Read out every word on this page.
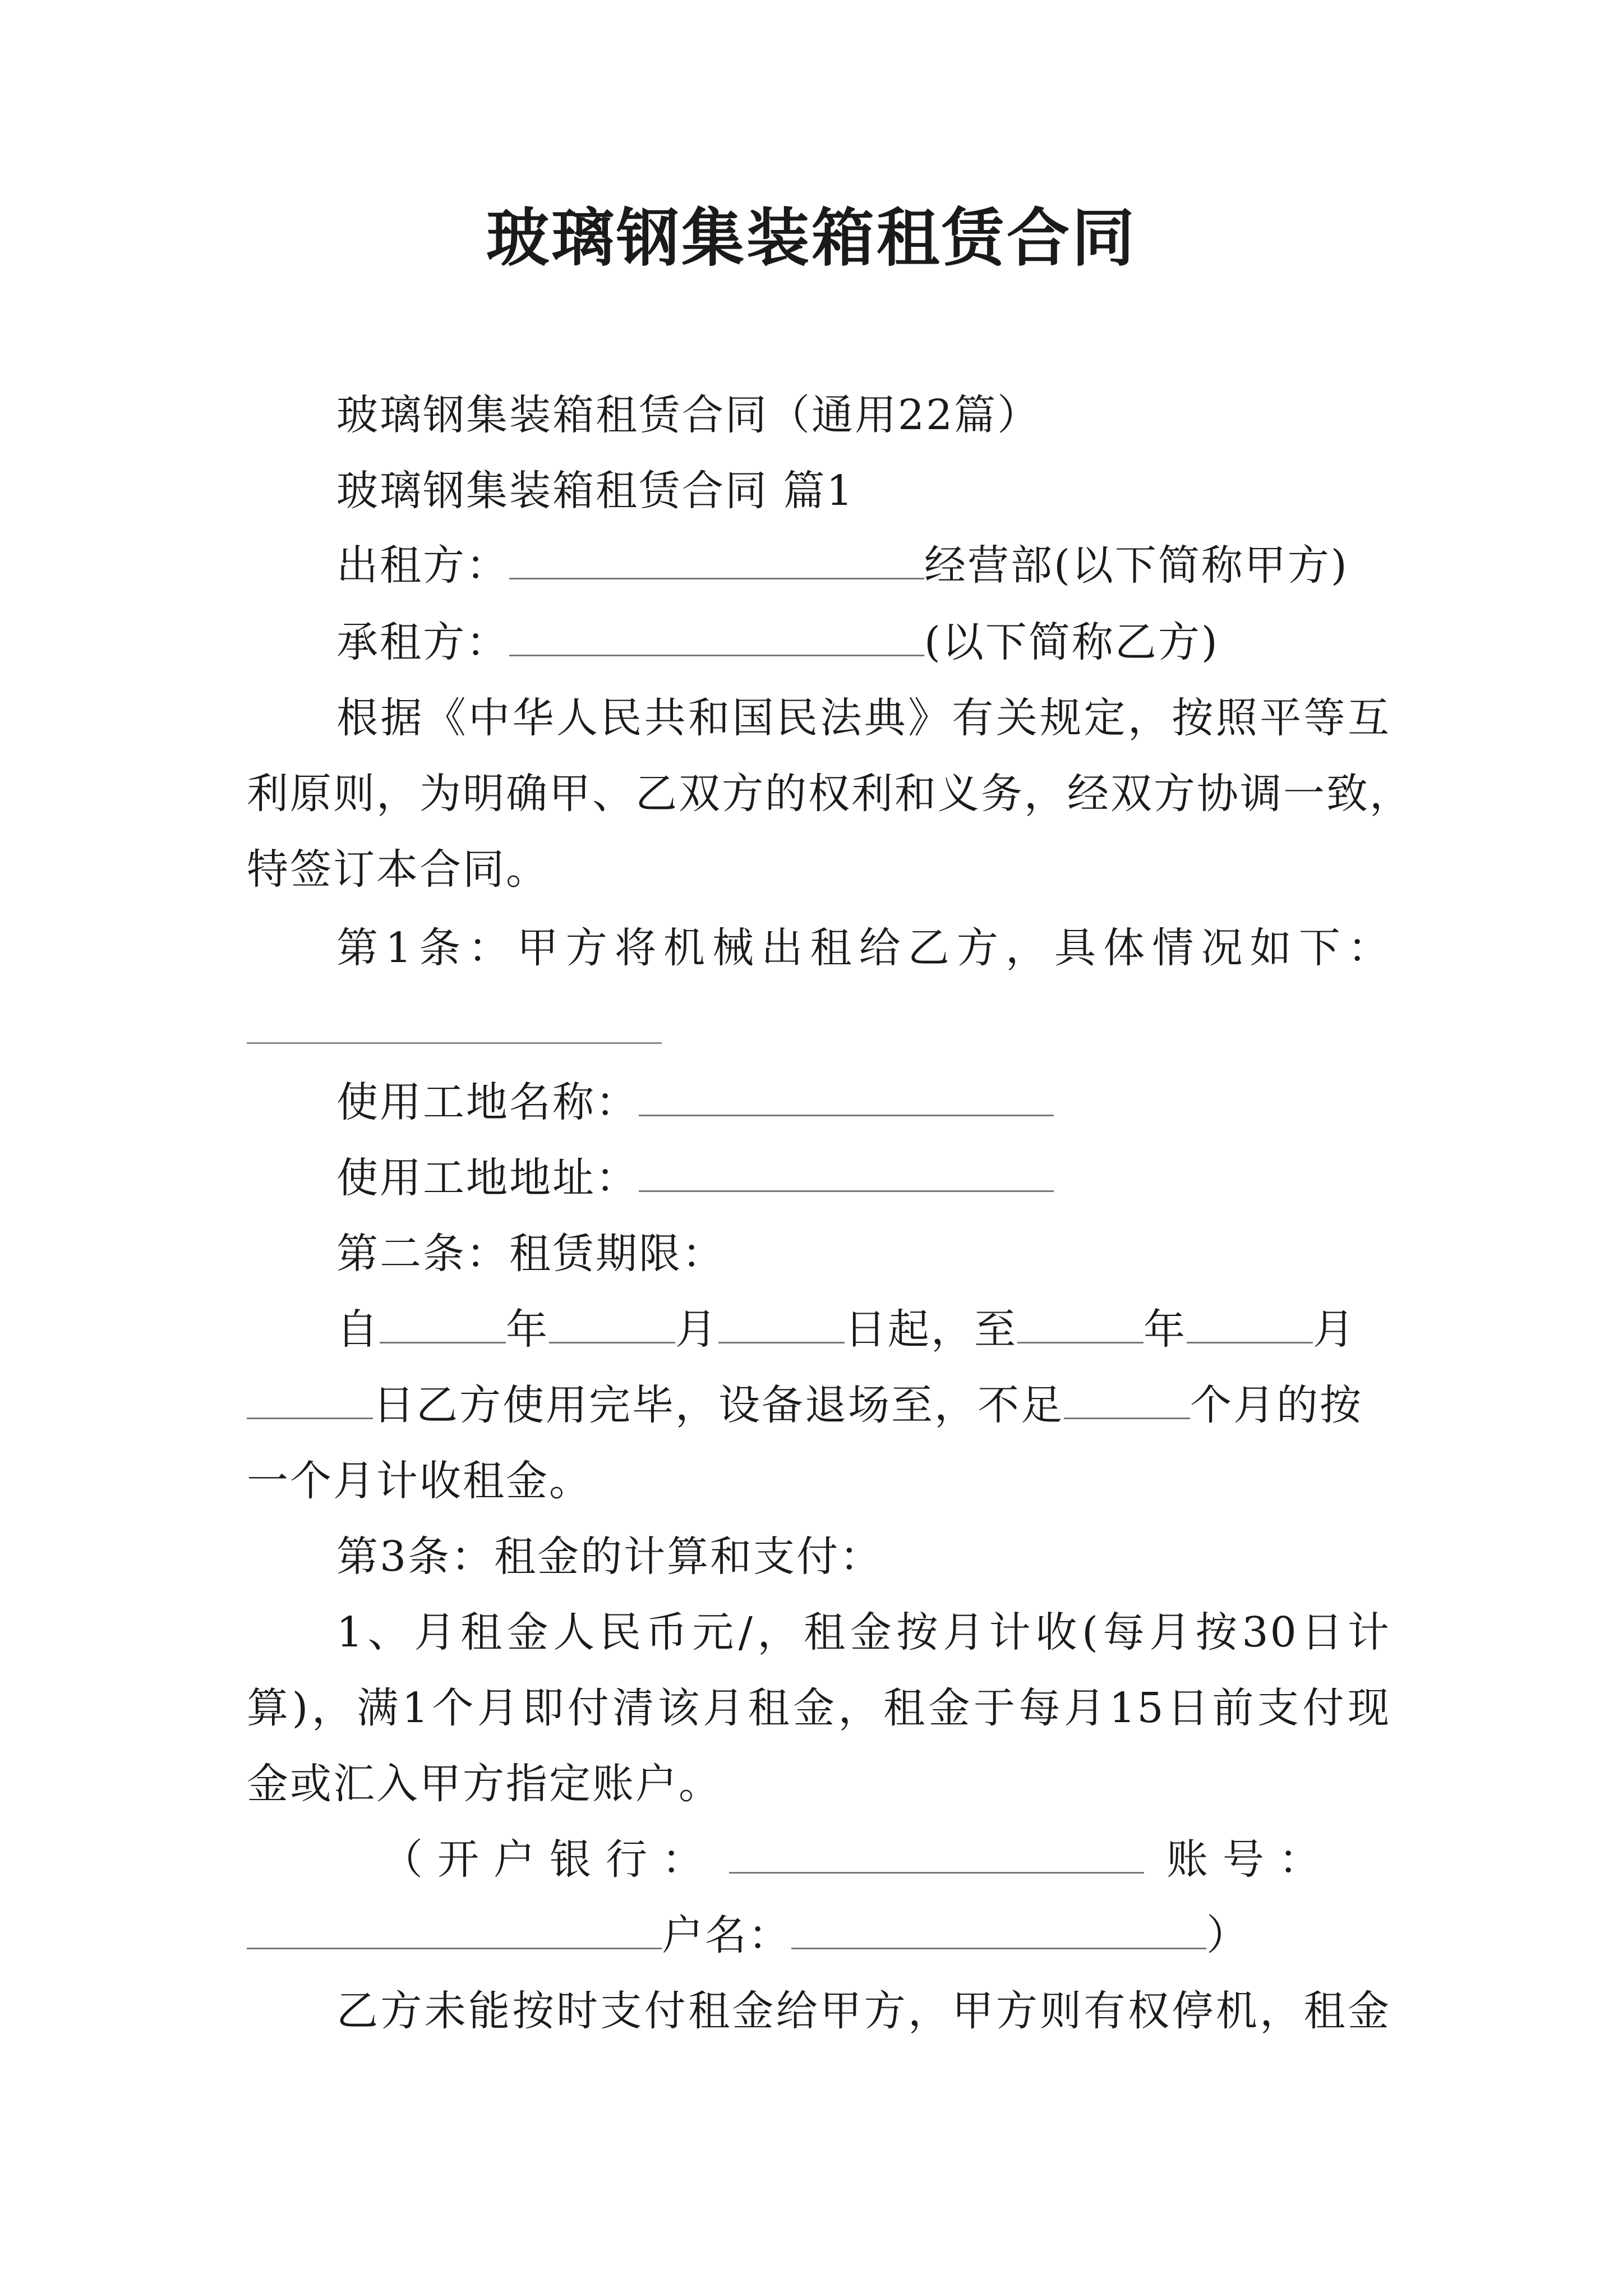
玻璃钢集装箱租赁合同
玻璃钢集装箱租赁合同（通用22篇）
玻璃钢集装箱租赁合同 篇1
出租方：	经营部(以下简称甲方)
承租方：	(以下简称乙方)
根据《中华人民共和国民法典》有关规定，按照平等互
利原则，为明确甲、乙双方的权利和义务，经双方协调一致，
特签订本合同。
第1条：甲方将机械出租给乙方，具体情况如下：
使用工地名称：
使用工地地址：
第二条：租赁期限：
自	年	月	日起，至	年	月
日乙方使用完毕，设备退场至，不足	个月的按
一个月计收租金。
第3条：租金的计算和支付：
1、月租金人民币元/，租金按月计收(每月按30日计
算)，满1个月即付清该月租金，租金于每月15日前支付现
金或汇入甲方指定账户。
（开户银行：	账号：
户名：	）
乙方未能按时支付租金给甲方，甲方则有权停机，租金
